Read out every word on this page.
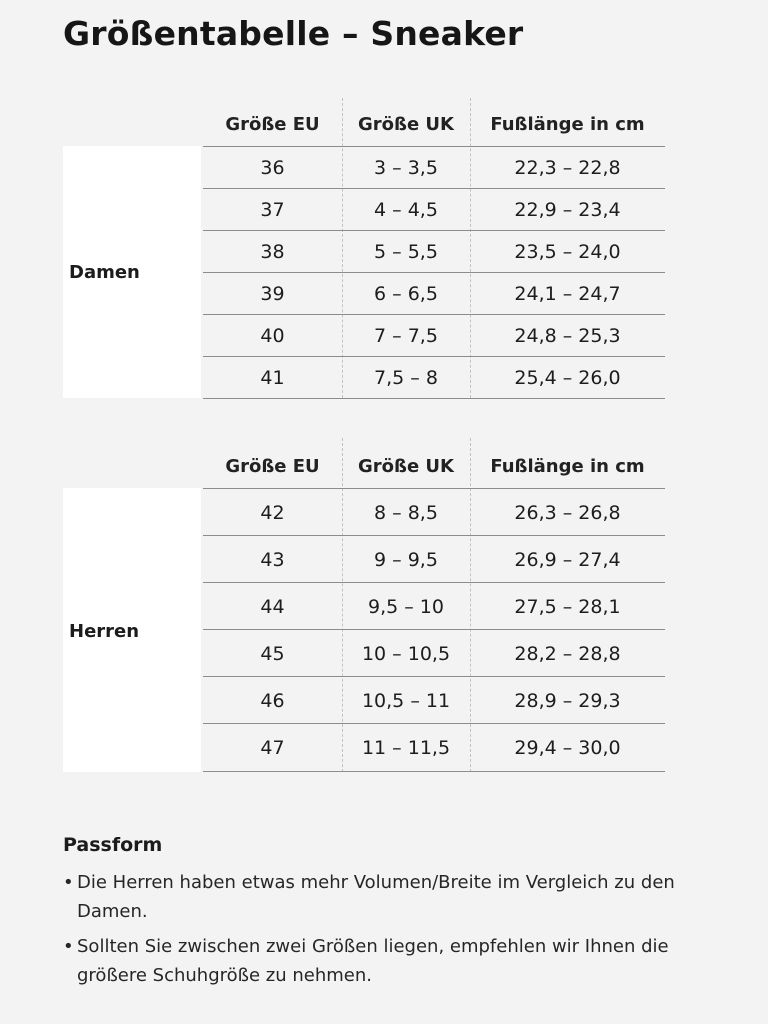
Größentabelle – Sneaker
Damen
Größe EU	Größe UK	Fußlänge in cm
36	3 – 3,5	22,3 – 22,8
37	4 – 4,5	22,9 – 23,4
38	5 – 5,5	23,5 – 24,0
39	6 – 6,5	24,1 – 24,7
40	7 – 7,5	24,8 – 25,3
41	7,5 – 8	25,4 – 26,0
Herren
Größe EU	Größe UK	Fußlänge in cm
42	8 – 8,5	26,3 – 26,8
43	9 – 9,5	26,9 – 27,4
44	9,5 – 10	27,5 – 28,1
45	10 – 10,5	28,2 – 28,8
46	10,5 – 11	28,9 – 29,3
47	11 – 11,5	29,4 – 30,0

Passform

• Die Herren haben etwas mehr Volumen/Breite im Vergleich zu den Damen.
• Sollten Sie zwischen zwei Größen liegen, empfehlen wir Ihnen die größere Schuhgröße zu nehmen.
